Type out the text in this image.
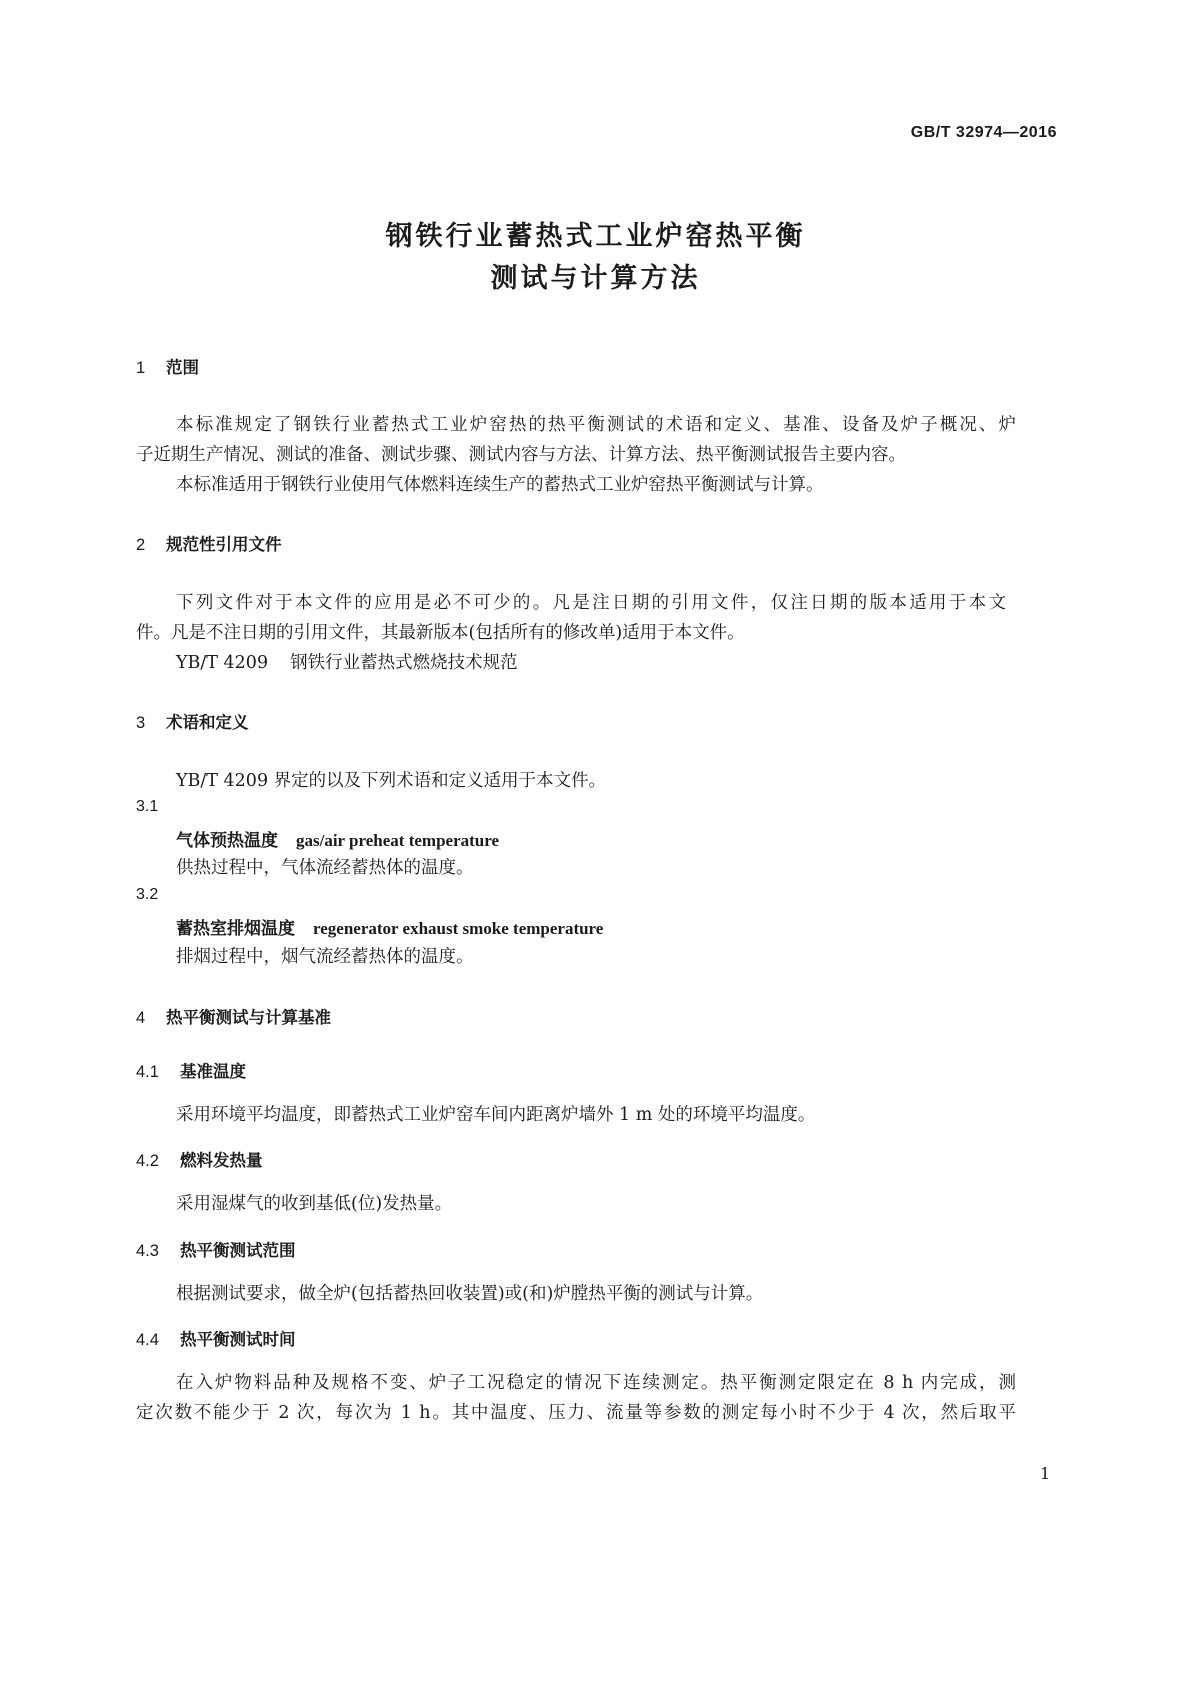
GB/T 32974—2016
钢铁行业蓄热式工业炉窑热平衡
测试与计算方法
1 范围
本标准规定了钢铁行业蓄热式工业炉窑热的热平衡测试的术语和定义、基准、设备及炉子概况、炉
子近期生产情况、测试的准备、测试步骤、测试内容与方法、计算方法、热平衡测试报告主要内容。
本标准适用于钢铁行业使用气体燃料连续生产的蓄热式工业炉窑热平衡测试与计算。
2 规范性引用文件
下列文件对于本文件的应用是必不可少的。凡是注日期的引用文件，仅注日期的版本适用于本文
件。凡是不注日期的引用文件，其最新版本(包括所有的修改单)适用于本文件。
YB/T 4209 钢铁行业蓄热式燃烧技术规范
3 术语和定义
YB/T 4209 界定的以及下列术语和定义适用于本文件。
3.1
气体预热温度 gas/air preheat temperature
供热过程中，气体流经蓄热体的温度。
3.2
蓄热室排烟温度 regenerator exhaust smoke temperature
排烟过程中，烟气流经蓄热体的温度。
4 热平衡测试与计算基准
4.1 基准温度
采用环境平均温度，即蓄热式工业炉窑车间内距离炉墙外 1 m 处的环境平均温度。
4.2 燃料发热量
采用湿煤气的收到基低(位)发热量。
4.3 热平衡测试范围
根据测试要求，做全炉(包括蓄热回收装置)或(和)炉膛热平衡的测试与计算。
4.4 热平衡测试时间
在入炉物料品种及规格不变、炉子工况稳定的情况下连续测定。热平衡测定限定在 8 h 内完成，测
定次数不能少于 2 次，每次为 1 h。其中温度、压力、流量等参数的测定每小时不少于 4 次，然后取平
1
